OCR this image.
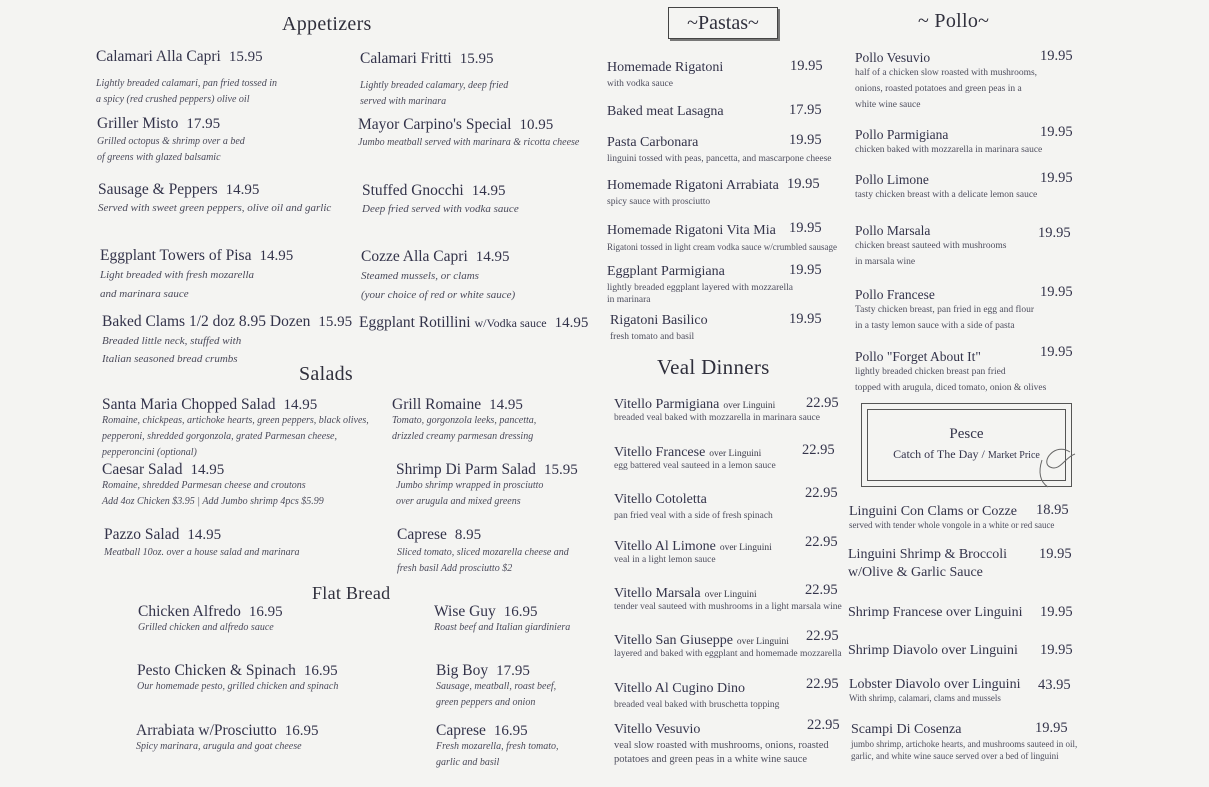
Appetizers	~Pastas~	~ Pollo~
Salads
Flat Bread
Veal Dinners
Calamari Alla Capri 15.95
Lightly breaded calamari, pan fried tossed in
a spicy (red crushed peppers) olive oil
Calamari Fritti 15.95
Lightly breaded calamary, deep fried
served with marinara
Griller Misto 17.95
Grilled octopus & shrimp over a bed
of greens with glazed balsamic
Mayor Carpino's Special 10.95
Jumbo meatball served with marinara & ricotta cheese
Sausage & Peppers 14.95
Served with sweet green peppers, olive oil and garlic
Stuffed Gnocchi 14.95
Deep fried served with vodka sauce
Eggplant Towers of Pisa 14.95
Light breaded with fresh mozarella
and marinara sauce
Cozze Alla Capri 14.95
Steamed mussels, or clams
(your choice of red or white sauce)
Baked Clams 1/2 doz 8.95 Dozen 15.95
Breaded little neck, stuffed with
Italian seasoned bread crumbs
Eggplant Rotillini w/Vodka sauce 14.95
Santa Maria Chopped Salad 14.95
Romaine, chickpeas, artichoke hearts, green peppers, black olives,
pepperoni, shredded gorgonzola, grated Parmesan cheese,
pepperoncini (optional)
Grill Romaine 14.95
Tomato, gorgonzola leeks, pancetta,
drizzled creamy parmesan dressing
Caesar Salad 14.95
Romaine, shredded Parmesan cheese and croutons
Add 4oz Chicken $3.95 | Add Jumbo shrimp 4pcs $5.99
Shrimp Di Parm Salad 15.95
Jumbo shrimp wrapped in prosciutto
over arugula and mixed greens
Pazzo Salad 14.95
Meatball 10oz. over a house salad and marinara
Caprese 8.95
Sliced tomato, sliced mozarella cheese and
fresh basil Add prosciutto $2
Chicken Alfredo 16.95
Grilled chicken and alfredo sauce
Wise Guy 16.95
Roast beef and Italian giardiniera
Pesto Chicken & Spinach 16.95
Our homemade pesto, grilled chicken and spinach
Big Boy 17.95
Sausage, meatball, roast beef,
green peppers and onion
Arrabiata w/Prosciutto 16.95
Spicy marinara, arugula and goat cheese
Caprese 16.95
Fresh mozarella, fresh tomato,
garlic and basil
Homemade Rigatoni
with vodka sauce
19.95
Baked meat Lasagna	17.95
Pasta Carbonara
linguini tossed with peas, pancetta, and mascarpone cheese
19.95
Homemade Rigatoni Arrabiata
spicy sauce with prosciutto
19.95
Homemade Rigatoni Vita Mia
Rigatoni tossed in light cream vodka sauce w/crumbled sausage
19.95
Eggplant Parmigiana
lightly breaded eggplant layered with mozzarella
in marinara
19.95
Rigatoni Basilico
fresh tomato and basil
19.95
Vitello Parmigiana over Linguini
breaded veal baked with mozzarella in marinara sauce
22.95
Vitello Francese over Linguini
egg battered veal sauteed in a lemon sauce
22.95
Vitello Cotoletta
pan fried veal with a side of fresh spinach
22.95
Vitello Al Limone over Linguini
veal in a light lemon sauce
22.95
Vitello Marsala over Linguini
tender veal sauteed with mushrooms in a light marsala wine
22.95
Vitello San Giuseppe over Linguini
layered and baked with eggplant and homemade mozzarella
22.95
Vitello Al Cugino Dino
breaded veal baked with bruschetta topping
22.95
Vitello Vesuvio
veal slow roasted with mushrooms, onions, roasted
potatoes and green peas in a white wine sauce
22.95
Pollo Vesuvio
half of a chicken slow roasted with mushrooms,
onions, roasted potatoes and green peas in a
white wine sauce
19.95
Pollo Parmigiana
chicken baked with mozzarella in marinara sauce
19.95
Pollo Limone
tasty chicken breast with a delicate lemon sauce
19.95
Pollo Marsala
chicken breast sauteed with mushrooms
in marsala wine
19.95
Pollo Francese
Tasty chicken breast, pan fried in egg and flour
in a tasty lemon sauce with a side of pasta
19.95
Pollo "Forget About It"
lightly breaded chicken breast pan fried
topped with arugula, diced tomato, onion & olives
19.95
Pesce
Catch of The Day / Market Price
Linguini Con Clams or Cozze
served with tender whole vongole in a white or red sauce
18.95
Linguini Shrimp & Broccoli
w/Olive & Garlic Sauce
19.95
Shrimp Francese over Linguini 19.95
Shrimp Diavolo over Linguini 19.95
Lobster Diavolo over Linguini
With shrimp, calamari, clams and mussels
43.95
Scampi Di Cosenza
jumbo shrimp, artichoke hearts, and mushrooms sauteed in oil,
garlic, and white wine sauce served over a bed of linguini
19.95
